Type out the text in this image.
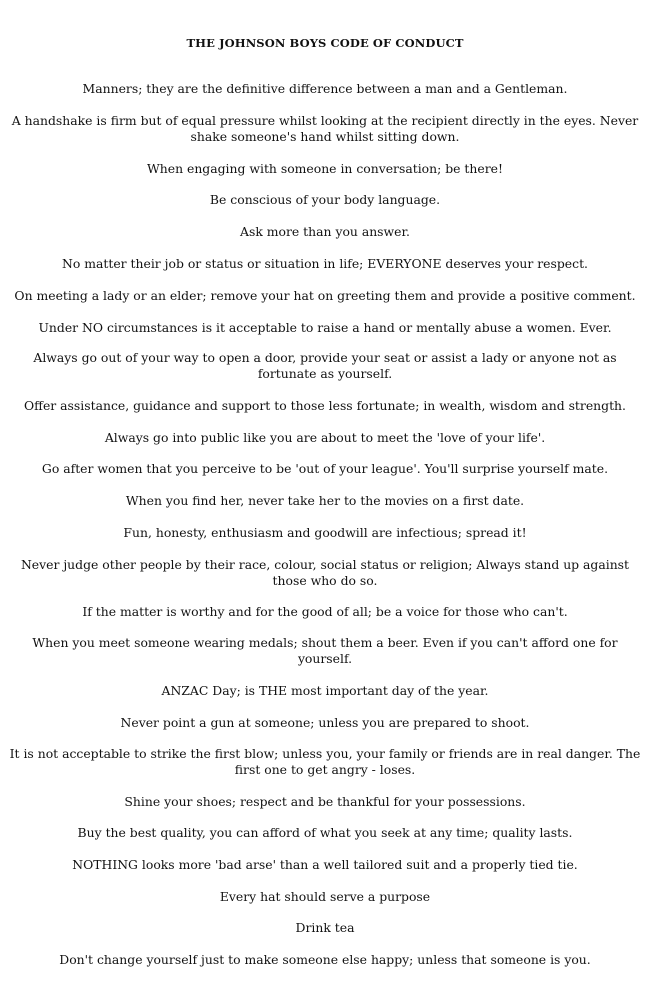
THE JOHNSON BOYS CODE OF CONDUCT

Manners; they are the definitive difference between a man and a Gentleman.

A handshake is firm but of equal pressure whilst looking at the recipient directly in the eyes. Never shake someone's hand whilst sitting down.

When engaging with someone in conversation; be there!

Be conscious of your body language.

Ask more than you answer.

No matter their job or status or situation in life; EVERYONE deserves your respect.

On meeting a lady or an elder; remove your hat on greeting them and provide a positive comment.

Under NO circumstances is it acceptable to raise a hand or mentally abuse a women. Ever.

Always go out of your way to open a door, provide your seat or assist a lady or anyone not as fortunate as yourself.

Offer assistance, guidance and support to those less fortunate; in wealth, wisdom and strength.

Always go into public like you are about to meet the 'love of your life'.

Go after women that you perceive to be 'out of your league'. You'll surprise yourself mate.

When you find her, never take her to the movies on a first date.

Fun, honesty, enthusiasm and goodwill are infectious; spread it!

Never judge other people by their race, colour, social status or religion; Always stand up against those who do so.

If the matter is worthy and for the good of all; be a voice for those who can't.

When you meet someone wearing medals; shout them a beer. Even if you can't afford one for yourself.

ANZAC Day; is THE most important day of the year.

Never point a gun at someone; unless you are prepared to shoot.

It is not acceptable to strike the first blow; unless you, your family or friends are in real danger. The first one to get angry - loses.

Shine your shoes; respect and be thankful for your possessions.

Buy the best quality, you can afford of what you seek at any time; quality lasts.

NOTHING looks more 'bad arse' than a well tailored suit and a properly tied tie.

Every hat should serve a purpose

Drink tea

Don't change yourself just to make someone else happy; unless that someone is you.
